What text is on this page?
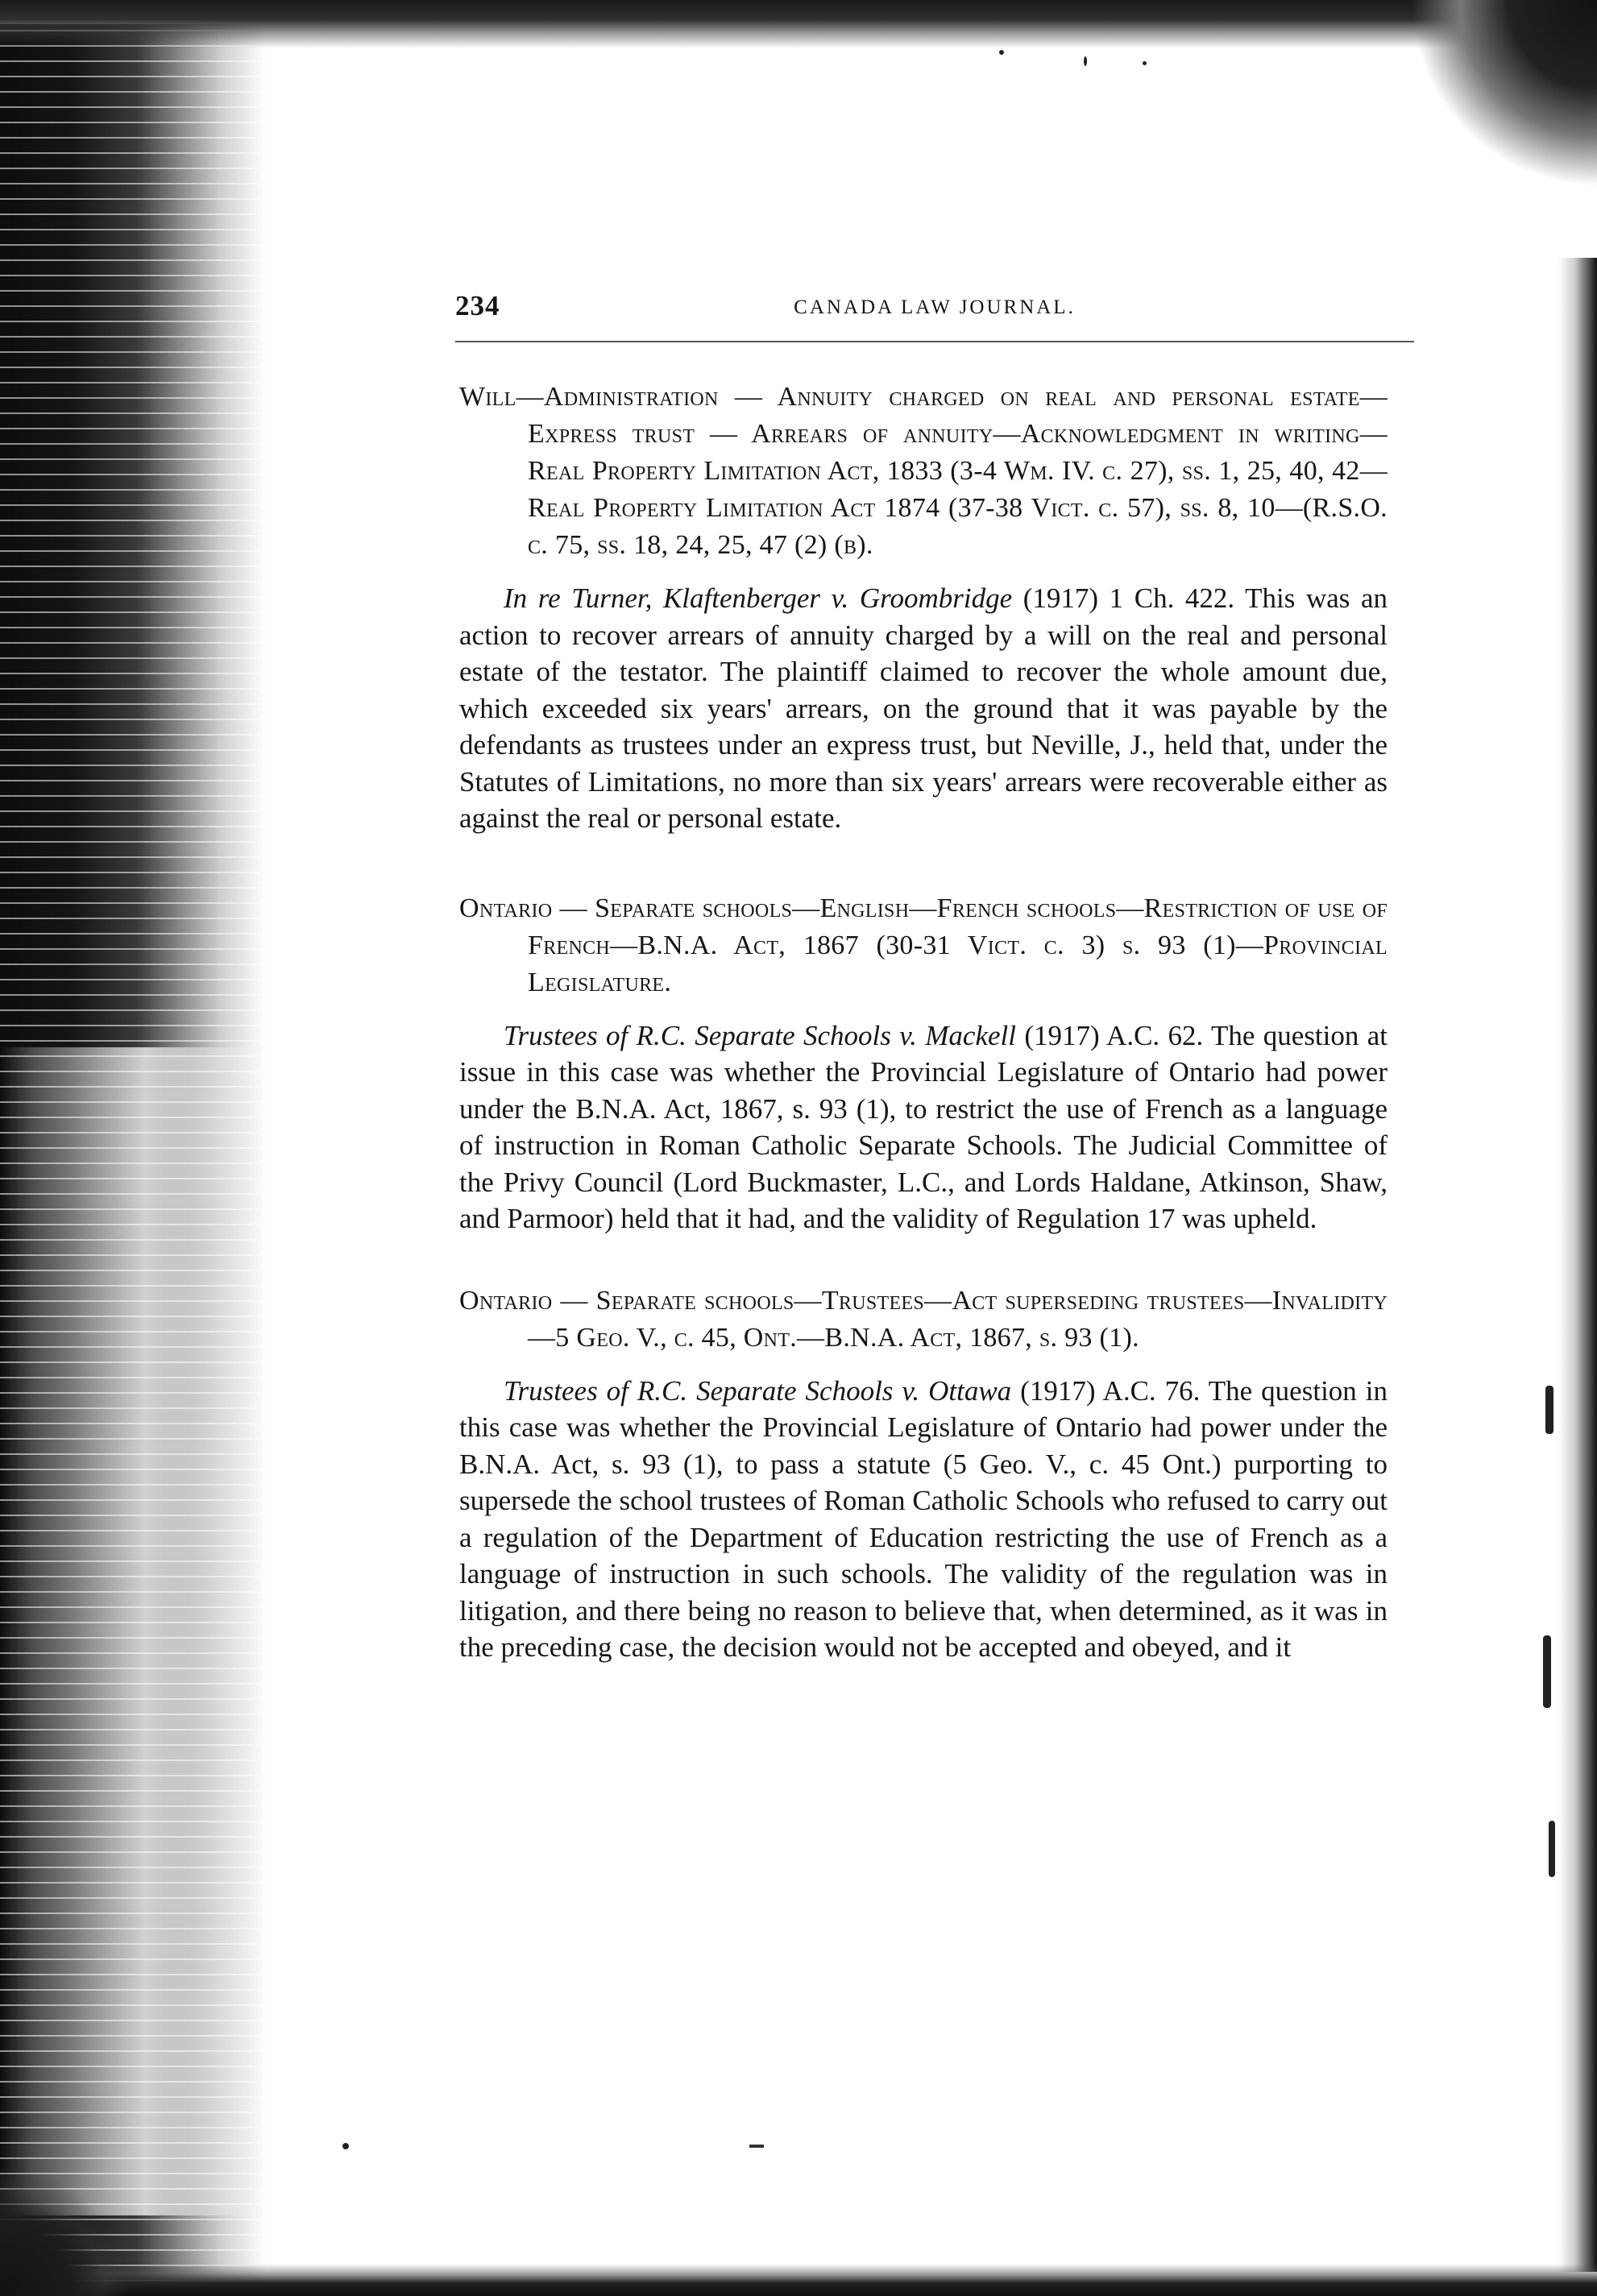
234	CANADA LAW JOURNAL.

Will—Administration — Annuity charged on real and personal estate—Express trust — Arrears of annuity—Acknowledgment in writing—Real Property Limitation Act, 1833 (3-4 Wm. IV. c. 27), ss. 1, 25, 40, 42—Real Property Limitation Act 1874 (37-38 Vict. c. 57), ss. 8, 10—(R.S.O. c. 75, ss. 18, 24, 25, 47 (2) (b).

In re Turner, Klaftenberger v. Groombridge (1917) 1 Ch. 422. This was an action to recover arrears of annuity charged by a will on the real and personal estate of the testator. The plaintiff claimed to recover the whole amount due, which exceeded six years' arrears, on the ground that it was payable by the defendants as trustees under an express trust, but Neville, J., held that, under the Statutes of Limitations, no more than six years' arrears were recoverable either as against the real or personal estate.

Ontario — Separate schools—English—French schools—Restriction of use of French—B.N.A. Act, 1867 (30-31 Vict. c. 3) s. 93 (1)—Provincial Legislature.

Trustees of R.C. Separate Schools v. Mackell (1917) A.C. 62. The question at issue in this case was whether the Provincial Legislature of Ontario had power under the B.N.A. Act, 1867, s. 93 (1), to restrict the use of French as a language of instruction in Roman Catholic Separate Schools. The Judicial Committee of the Privy Council (Lord Buckmaster, L.C., and Lords Haldane, Atkinson, Shaw, and Parmoor) held that it had, and the validity of Regulation 17 was upheld.

Ontario — Separate schools—Trustees—Act superseding trustees—Invalidity—5 Geo. V., c. 45, Ont.—B.N.A. Act, 1867, s. 93 (1).

Trustees of R.C. Separate Schools v. Ottawa (1917) A.C. 76. The question in this case was whether the Provincial Legislature of Ontario had power under the B.N.A. Act, s. 93 (1), to pass a statute (5 Geo. V., c. 45 Ont.) purporting to supersede the school trustees of Roman Catholic Schools who refused to carry out a regulation of the Department of Education restricting the use of French as a language of instruction in such schools. The validity of the regulation was in litigation, and there being no reason to believe that, when determined, as it was in the preceding case, the decision would not be accepted and obeyed, and it
